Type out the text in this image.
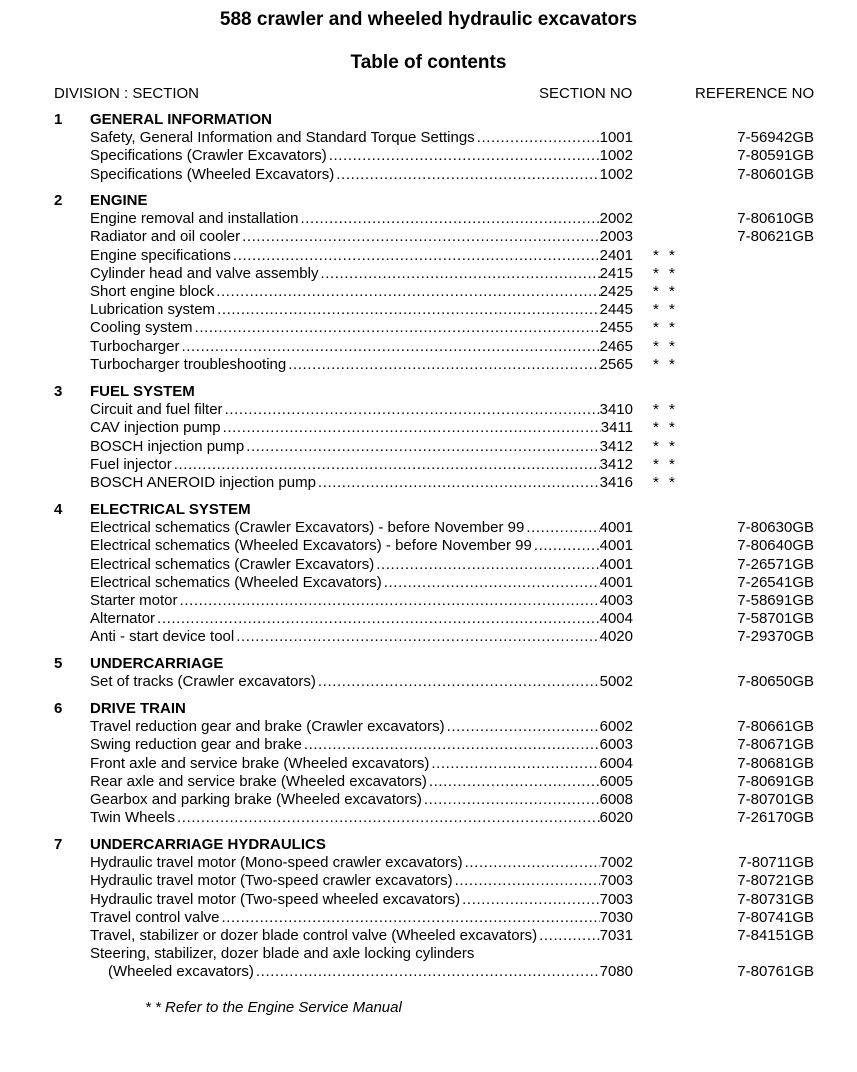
588 crawler and wheeled hydraulic excavators
Table of contents
DIVISION : SECTION	SECTION NO	REFERENCE NO
1 GENERAL INFORMATION
Safety, General Information and Standard Torque Settings .....	1001	7-56942GB
Specifications (Crawler Excavators) .....	1002	7-80591GB
Specifications (Wheeled Excavators) .....	1002	7-80601GB
2 ENGINE
Engine removal and installation .....	2002	7-80610GB
Radiator and oil cooler .....	2003	7-80621GB
Engine specifications .....	2401 * *
Cylinder head and valve assembly .....	2415 * *
Short engine block .....	2425 * *
Lubrication system .....	2445 * *
Cooling system .....	2455 * *
Turbocharger .....	2465 * *
Turbocharger troubleshooting .....	2565 * *
3 FUEL SYSTEM
Circuit and fuel filter .....	3410 * *
CAV injection pump .....	3411 * *
BOSCH injection pump .....	3412 * *
Fuel injector .....	3412 * *
BOSCH ANEROID injection pump .....	3416 * *
4 ELECTRICAL SYSTEM
Electrical schematics (Crawler Excavators) - before November 99 .....	4001	7-80630GB
Electrical schematics (Wheeled Excavators) - before November 99 .....	4001	7-80640GB
Electrical schematics (Crawler Excavators) .....	4001	7-26571GB
Electrical schematics (Wheeled Excavators) .....	4001	7-26541GB
Starter motor .....	4003	7-58691GB
Alternator .....	4004	7-58701GB
Anti - start device tool .....	4020	7-29370GB
5 UNDERCARRIAGE
Set of tracks (Crawler excavators) .....	5002	7-80650GB
6 DRIVE TRAIN
Travel reduction gear and brake (Crawler excavators) .....	6002	7-80661GB
Swing reduction gear and brake .....	6003	7-80671GB
Front axle and service brake (Wheeled excavators) .....	6004	7-80681GB
Rear axle and service brake (Wheeled excavators) .....	6005	7-80691GB
Gearbox and parking brake (Wheeled excavators) .....	6008	7-80701GB
Twin Wheels .....	6020	7-26170GB
7 UNDERCARRIAGE HYDRAULICS
Hydraulic travel motor (Mono-speed crawler excavators) .....	7002	7-80711GB
Hydraulic travel motor (Two-speed crawler excavators) .....	7003	7-80721GB
Hydraulic travel motor (Two-speed wheeled excavators) .....	7003	7-80731GB
Travel control valve .....	7030	7-80741GB
Travel, stabilizer or dozer blade control valve (Wheeled excavators) .....	7031	7-84151GB
Steering, stabilizer, dozer blade and axle locking cylinders
(Wheeled excavators) .....	7080	7-80761GB
* * Refer to the Engine Service Manual
